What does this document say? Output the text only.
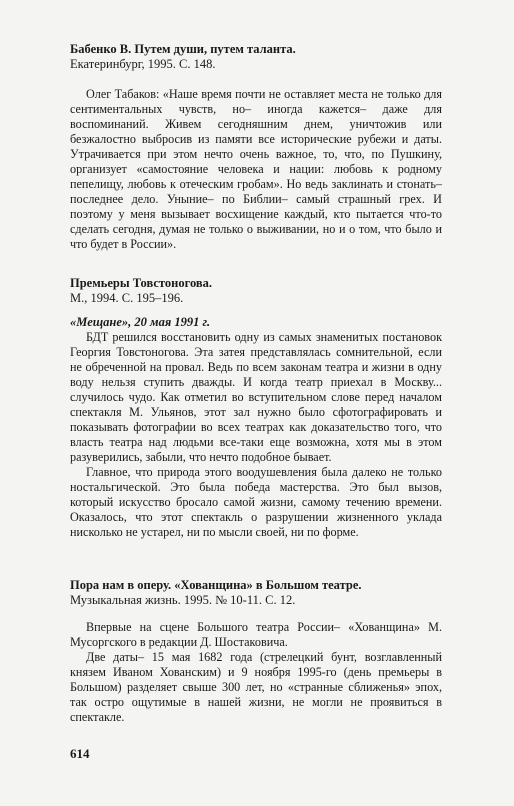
Бабенко В. Путем души, путем таланта.

Екатеринбург, 1995. С. 148.

Олег Табаков: «Наше время почти не оставляет места не только для сентиментальных чувств, но– иногда кажется– даже для воспоминаний. Живем сегодняшним днем, уничтожив или безжалостно выбросив из памяти все исторические рубежи и даты. Утрачивается при этом нечто очень важное, то, что, по Пушкину, организует «самостояние человека и нации: любовь к родному пепелищу, любовь к отеческим гробам». Но ведь заклинать и стонать– последнее дело. Уныние– по Библии– самый страшный грех. И поэтому у меня вызывает восхищение каждый, кто пытается что-то сделать сегодня, думая не только о выживании, но и о том, что было и что будет в России».

Премьеры Товстоногова.

М., 1994. С. 195–196.

«Мещане», 20 мая 1991 г.

БДТ решился восстановить одну из самых знаменитых постановок Георгия Товстоногова. Эта затея представлялась сомнительной, если не обреченной на провал. Ведь по всем законам театра и жизни в одну воду нельзя ступить дважды. И когда театр приехал в Москву... случилось чудо. Как отметил во вступительном слове перед началом спектакля М. Ульянов, этот зал нужно было сфотографировать и показывать фотографии во всех театрах как доказательство того, что власть театра над людьми все-таки еще возможна, хотя мы в этом разуверились, забыли, что нечто подобное бывает.

Главное, что природа этого воодушевления была далеко не только ностальгической. Это была победа мастерства. Это был вызов, который искусство бросало самой жизни, самому течению времени. Оказалось, что этот спектакль о разрушении жизненного уклада нисколько не устарел, ни по мысли своей, ни по форме.

Пора нам в оперу. «Хованщина» в Большом театре.

Музыкальная жизнь. 1995. № 10-11. С. 12.

Впервые на сцене Большого театра России– «Хованщина» М. Мусоргского в редакции Д. Шостаковича.

Две даты– 15 мая 1682 года (стрелецкий бунт, возглавленный князем Иваном Хованским) и 9 ноября 1995-го (день премьеры в Большом) разделяет свыше 300 лет, но «странные сближенья» эпох, так остро ощутимые в нашей жизни, не могли не проявиться в спектакле.

614
